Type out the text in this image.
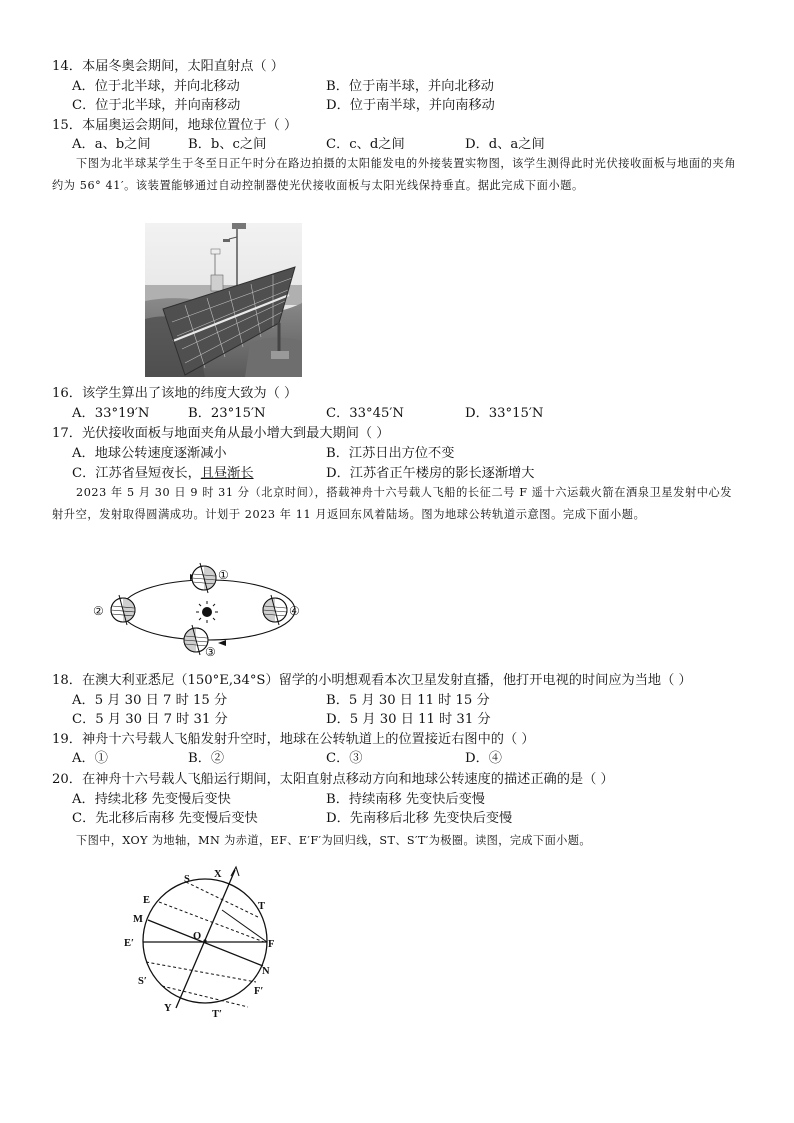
14．本届冬奥会期间，太阳直射点（ ）
A．位于北半球，并向北移动	B．位于南半球，并向北移动
C．位于北半球，并向南移动	D．位于南半球，并向南移动
15．本届奥运会期间，地球位置位于（ ）
A．a、b之间	B．b、c之间	C．c、d之间	D．d、a之间
下图为北半球某学生于冬至日正午时分在路边拍摄的太阳能发电的外接装置实物图，该学生测得此时光伏接收面板与地面的夹角约为 56° 41′。该装置能够通过自动控制器使光伏接收面板与太阳光线保持垂直。据此完成下面小题。
16．该学生算出了该地的纬度大致为（ ）
A．33°19′N	B．23°15′N	C．33°45′N	D．33°15′N
17．光伏接收面板与地面夹角从最小增大到最大期间（ ）
A．地球公转速度逐渐减小	B．江苏日出方位不变
C．江苏省昼短夜长，且昼渐长	D．江苏省正午楼房的影长逐渐增大
2023 年 5 月 30 日 9 时 31 分（北京时间），搭载神舟十六号载人飞船的长征二号 F 遥十六运载火箭在酒泉卫星发射中心发射升空，发射取得圆满成功。计划于 2023 年 11 月返回东风着陆场。图为地球公转轨道示意图。完成下面小题。
①
②
③
④
18．在澳大利亚悉尼（150°E,34°S）留学的小明想观看本次卫星发射直播，他打开电视的时间应为当地（ ）
A．5 月 30 日 7 时 15 分	B．5 月 30 日 11 时 15 分
C．5 月 30 日 7 时 31 分	D．5 月 30 日 11 时 31 分
19．神舟十六号载人飞船发射升空时，地球在公转轨道上的位置接近右图中的（ ）
A．①	B．②	C．③	D．④
20．在神舟十六号载人飞船运行期间，太阳直射点移动方向和地球公转速度的描述正确的是（ ）
A．持续北移 先变慢后变快	B．持续南移 先变快后变慢
C．先北移后南移 先变慢后变快	D．先南移后北移 先变快后变慢
下图中，XOY 为地轴，MN 为赤道，EF、E′F′为回归线，ST、S′T′为极圈。读图，完成下面小题。
S X
T
E
M
E′
O
F
N
S′
F′
Y
T′
